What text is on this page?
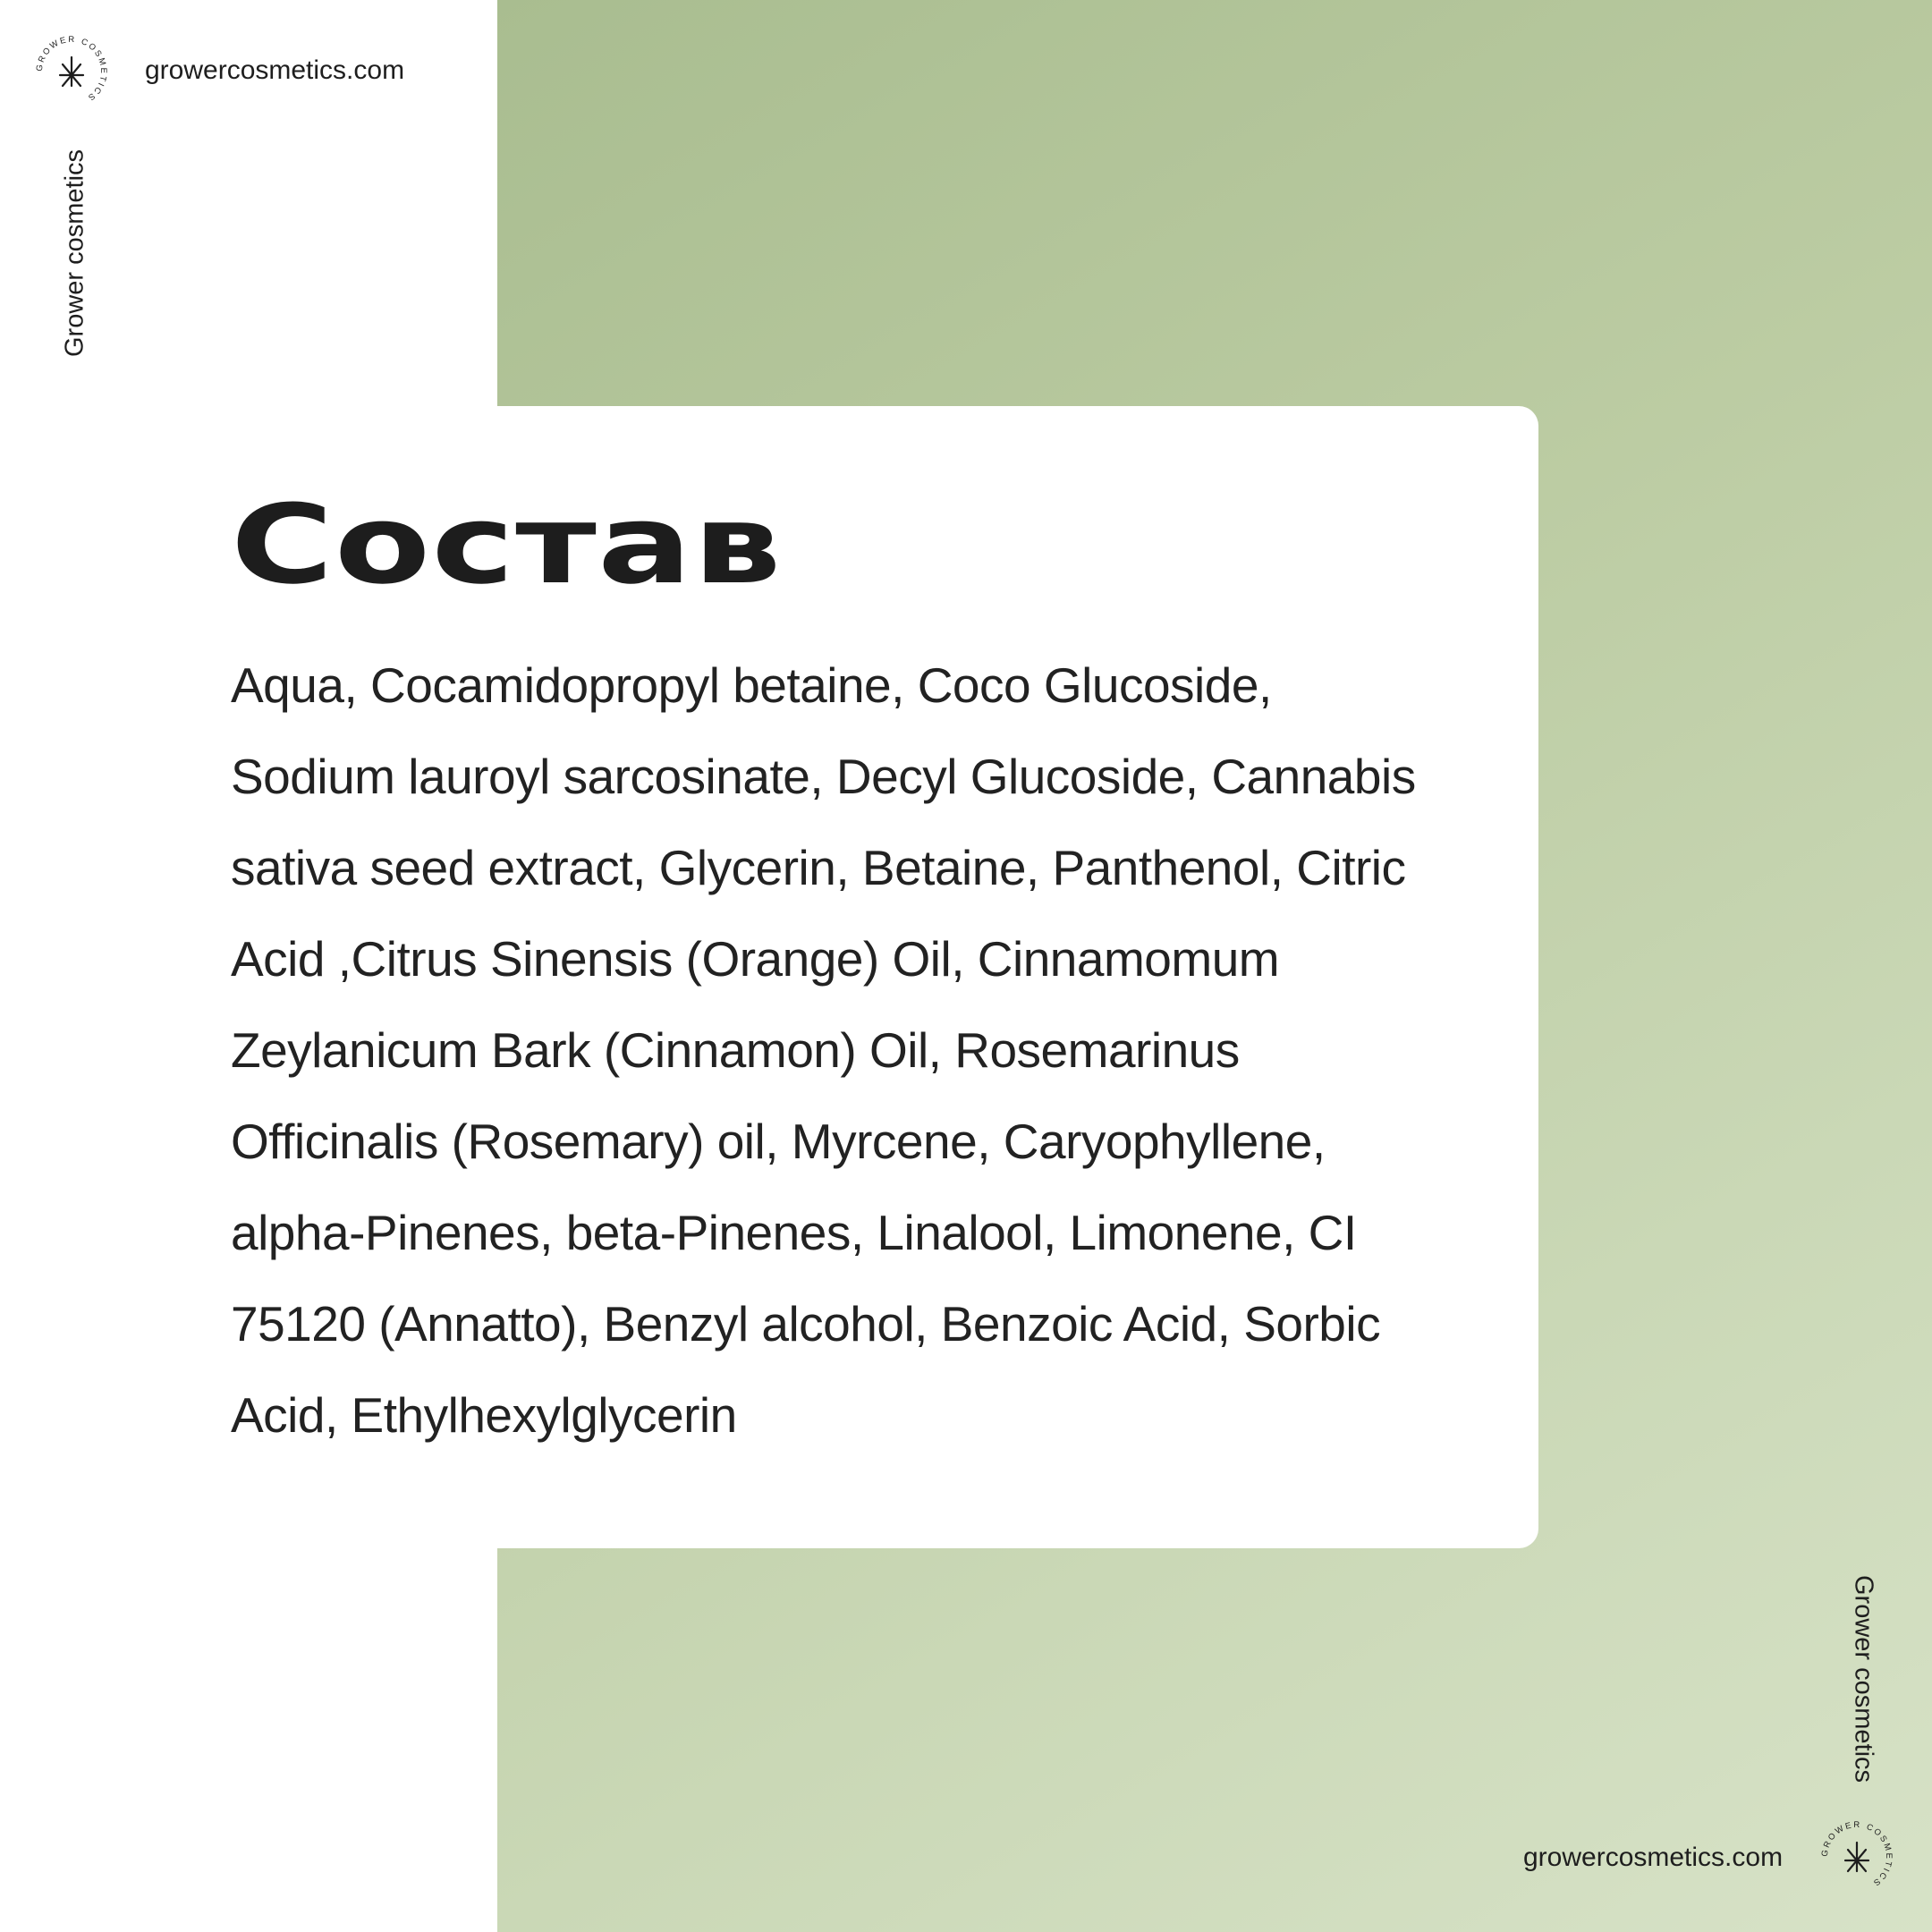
GROWER COSMETICS
growercosmetics.com
Grower cosmetics
Состав
Aqua, Cocamidopropyl betaine, Coco Glucoside,
Sodium lauroyl sarcosinate, Decyl Glucoside, Cannabis
sativa seed extract, Glycerin, Betaine, Panthenol, Citric
Acid ,Citrus Sinensis (Orange) Oil, Cinnamomum
Zeylanicum Bark (Cinnamon) Oil, Rosemarinus
Officinalis (Rosemary) oil, Myrcene, Caryophyllene,
alpha-Pinenes, beta-Pinenes, Linalool, Limonene, CI
75120 (Annatto), Benzyl alcohol, Benzoic Acid, Sorbic
Acid, Ethylhexylglycerin
Grower cosmetics
growercosmetics.com	GROWER COSMETICS
